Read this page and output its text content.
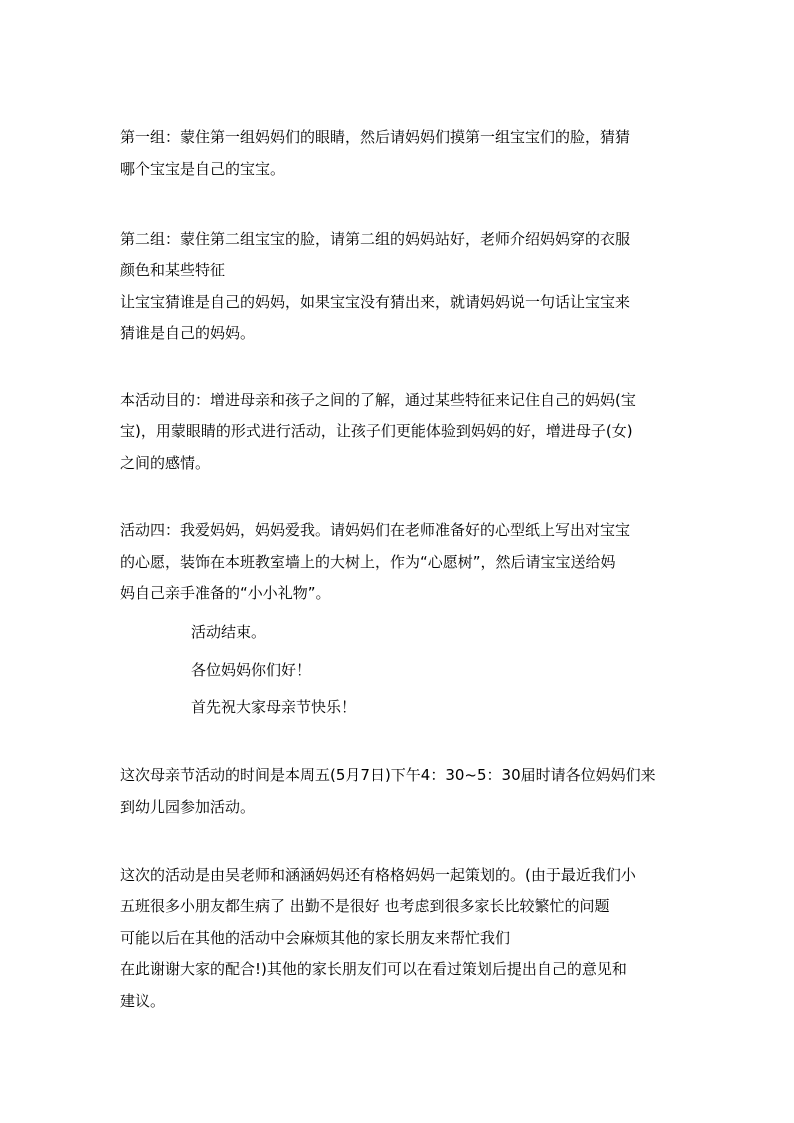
第一组：蒙住第一组妈妈们的眼睛，然后请妈妈们摸第一组宝宝们的脸，猜猜
哪个宝宝是自己的宝宝。
第二组：蒙住第二组宝宝的脸，请第二组的妈妈站好，老师介绍妈妈穿的衣服
颜色和某些特征
让宝宝猜谁是自己的妈妈，如果宝宝没有猜出来，就请妈妈说一句话让宝宝来
猜谁是自己的妈妈。
本活动目的：增进母亲和孩子之间的了解，通过某些特征来记住自己的妈妈(宝
宝)，用蒙眼睛的形式进行活动，让孩子们更能体验到妈妈的好，增进母子(女)
之间的感情。
活动四：我爱妈妈，妈妈爱我。请妈妈们在老师准备好的心型纸上写出对宝宝
的心愿，装饰在本班教室墙上的大树上，作为“心愿树”，然后请宝宝送给妈
妈自己亲手准备的“小小礼物”。
活动结束。
各位妈妈你们好！
首先祝大家母亲节快乐！
这次母亲节活动的时间是本周五(5月7日)下午4：30~5：30届时请各位妈妈们来
到幼儿园参加活动。
这次的活动是由吴老师和涵涵妈妈还有格格妈妈一起策划的。(由于最近我们小
五班很多小朋友都生病了 出勤不是很好 也考虑到很多家长比较繁忙的问题
可能以后在其他的活动中会麻烦其他的家长朋友来帮忙我们
在此谢谢大家的配合!)其他的家长朋友们可以在看过策划后提出自己的意见和
建议。
